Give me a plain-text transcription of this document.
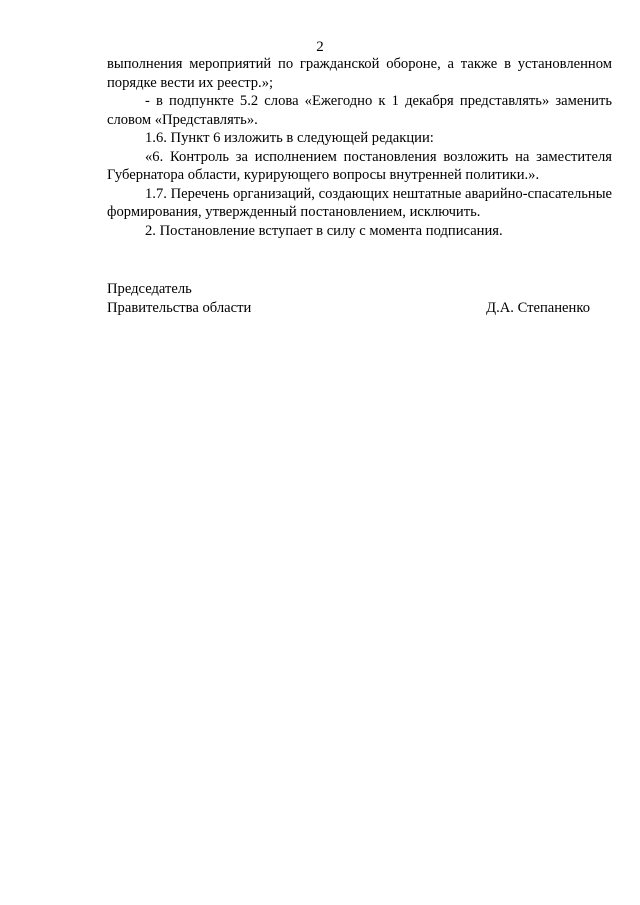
2

выполнения мероприятий по гражданской обороне, а также в установленном порядке вести их реестр.»;

- в подпункте 5.2 слова «Ежегодно к 1 декабря представлять» заменить словом «Представлять».

1.6. Пункт 6 изложить в следующей редакции:

«6. Контроль за исполнением постановления возложить на заместителя Губернатора области, курирующего вопросы внутренней политики.».

1.7. Перечень организаций, создающих нештатные аварийно-спасательные формирования, утвержденный постановлением, исключить.

2. Постановление вступает в силу с момента подписания.

Председатель
Правительства области	Д.А. Степаненко
